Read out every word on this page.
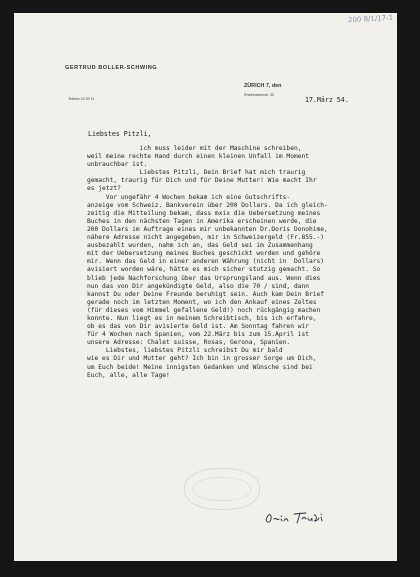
200 8/1/17-1
GERTRUD BOLLER-SCHWING
Telefon 34 59 11
ZÜRICH 7, den
Rheinhaldenstr. 30
17.März 54.
Liebstes Pitzli,
ich muss leider mit der Maschine schreiben,
weil meine rechte Hand durch einen kleinen Unfall im Moment
unbrauchbar ist.
Liebstes Pitzli, Dein Brief hat mich traurig
gemacht, traurig für Dich und für Deine Mutter! Wie macht Ihr
es jetzt?
Vor ungefähr 4 Wochen bekam ich eine Gutschrifts-
anzeige vom Schweiz. Bankverein über 200 Dollars. Da ich gleich-
zeitig die Mitteilung bekam, dass mxix die Uebersetzung meines
Buches in den nächsten Tagen in Amerika erscheinen werde, die
200 Dollars im Auftrage eines mir unbekannten Dr.Doris Donohime,
nähere Adresse nicht angegeben, mir in Schweizergeld (Fr.855.-)
ausbezahlt wurden, nahm ich an, das Geld sei im Zusammenhang
mit der Uebersetzung meines Buches geschickt worden und gehöre
mir. Wenn das Geld in einer anderen Währung (nicht in  Dollars)
avisiert worden wäre, hätte es mich sicher stutzig gemacht. So
blieb jede Nachforschung über das Ursprungsland aus. Wenn dies
nun das von Dir angekündigte Geld, also die 70 / sind, dann
kannst Du oder Deine Freunde beruhigt sein. Auch kam Dein Brief
gerade noch im letzten Moment, wo ich den Ankauf eines Zeltes
(für dieses vom Himmel gefallene Geld!) noch rückgängig machen
konnte. Nun liegt es in meinem Schreibtisch, bis ich erfahre,
ob es das von Dir avisierte Geld ist. Am Sonntag fahren wir
für 4 Wochen nach Spanien, vom 22.März bis zum 15.April ist
unsere Adresse: Chalet suisse, Rosas, Gerona, Spanien.
Liebstes, liebstes Pitzli schreibst Du mir bald
wie es Dir und Mutter geht? Ich bin in grosser Sorge um Dich,
um Euch beide! Meine innigsten Gedanken und Wünsche sind bei
Euch, alle, alle Tage!
